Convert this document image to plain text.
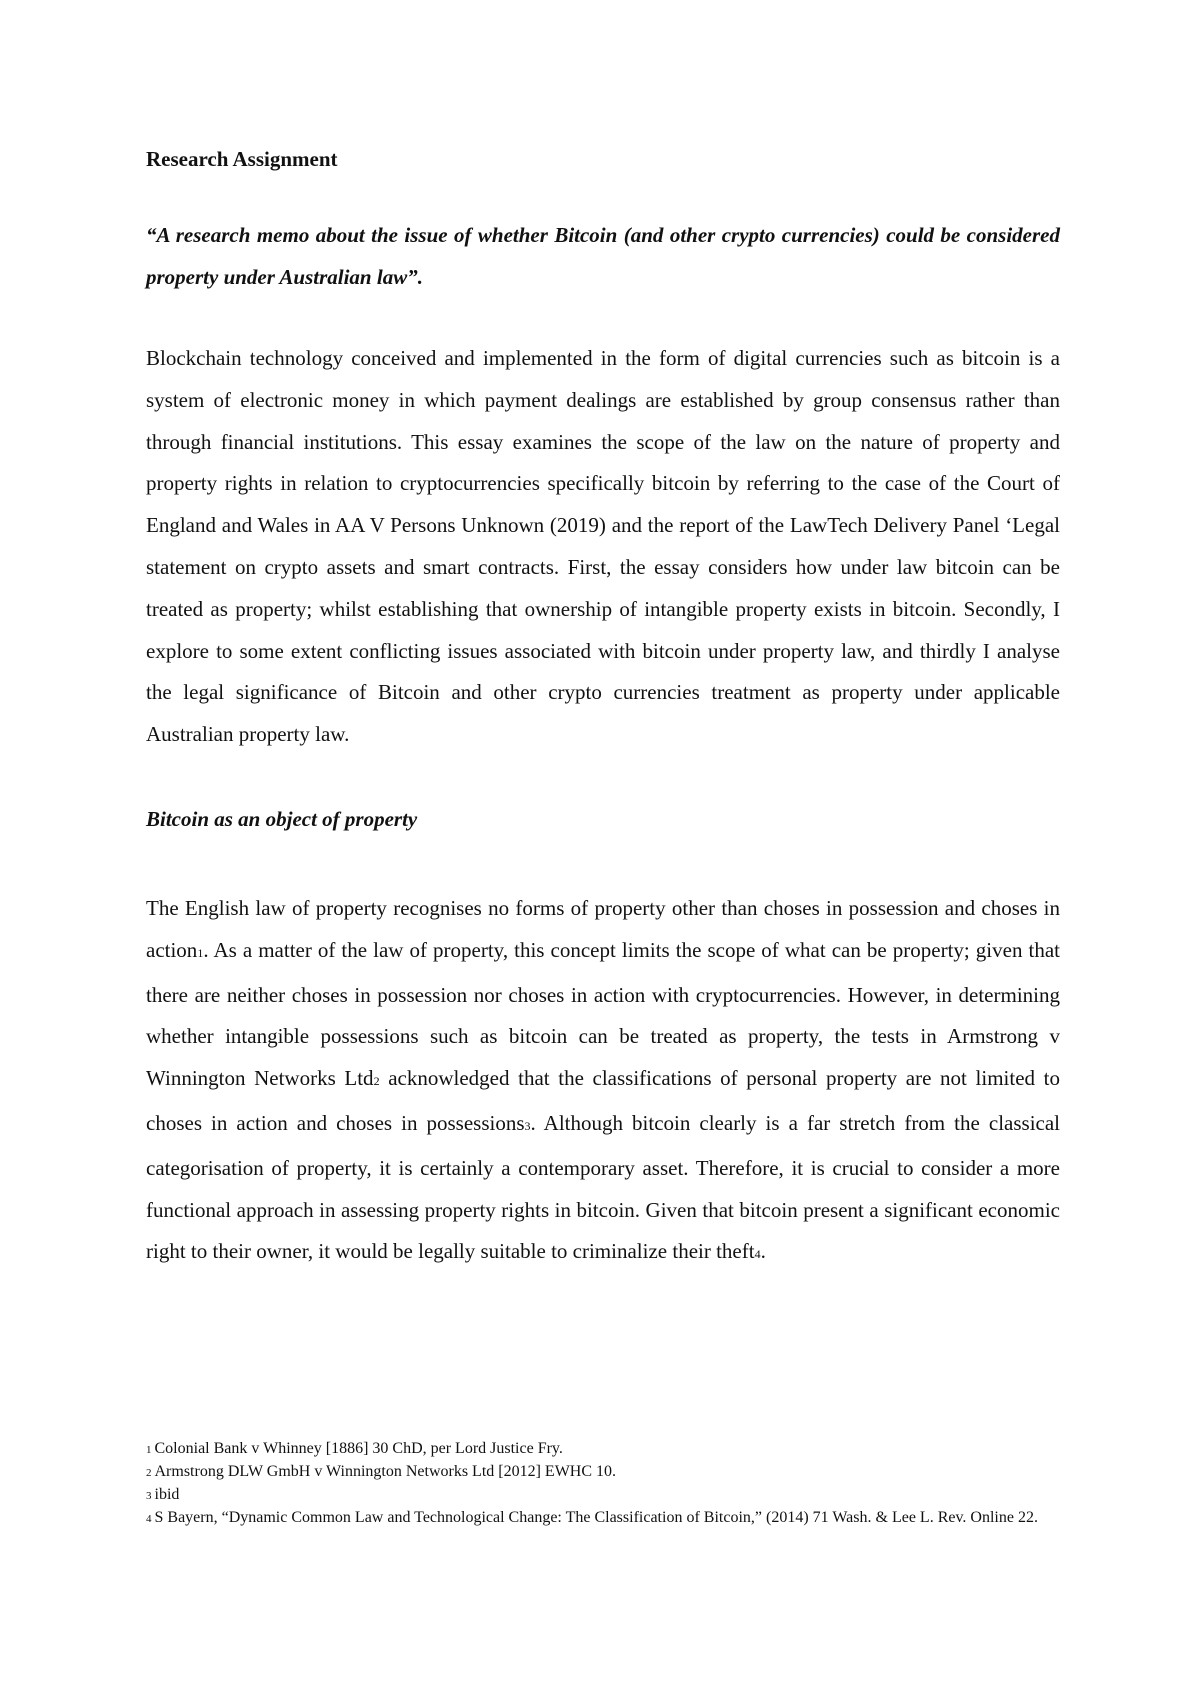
Research Assignment

“A research memo about the issue of whether Bitcoin (and other crypto currencies) could be considered property under Australian law”.

Blockchain technology conceived and implemented in the form of digital currencies such as bitcoin is a system of electronic money in which payment dealings are established by group consensus rather than through financial institutions. This essay examines the scope of the law on the nature of property and property rights in relation to cryptocurrencies specifically bitcoin by referring to the case of the Court of England and Wales in AA V Persons Unknown (2019) and the report of the LawTech Delivery Panel ‘Legal statement on crypto assets and smart contracts. First, the essay considers how under law bitcoin can be treated as property; whilst establishing that ownership of intangible property exists in bitcoin. Secondly, I explore to some extent conflicting issues associated with bitcoin under property law, and thirdly I analyse the legal significance of Bitcoin and other crypto currencies treatment as property under applicable Australian property law.

Bitcoin as an object of property

The English law of property recognises no forms of property other than choses in possession and choses in action1. As a matter of the law of property, this concept limits the scope of what can be property; given that there are neither choses in possession nor choses in action with cryptocurrencies. However, in determining whether intangible possessions such as bitcoin can be treated as property, the tests in Armstrong v Winnington Networks Ltd2 acknowledged that the classifications of personal property are not limited to choses in action and choses in possessions3. Although bitcoin clearly is a far stretch from the classical categorisation of property, it is certainly a contemporary asset. Therefore, it is crucial to consider a more functional approach in assessing property rights in bitcoin. Given that bitcoin present a significant economic right to their owner, it would be legally suitable to criminalize their theft4.

1 Colonial Bank v Whinney [1886] 30 ChD, per Lord Justice Fry.

2 Armstrong DLW GmbH v Winnington Networks Ltd [2012] EWHC 10.

3 ibid

4 S Bayern, “Dynamic Common Law and Technological Change: The Classification of Bitcoin,” (2014) 71 Wash. & Lee L. Rev. Online 22.
